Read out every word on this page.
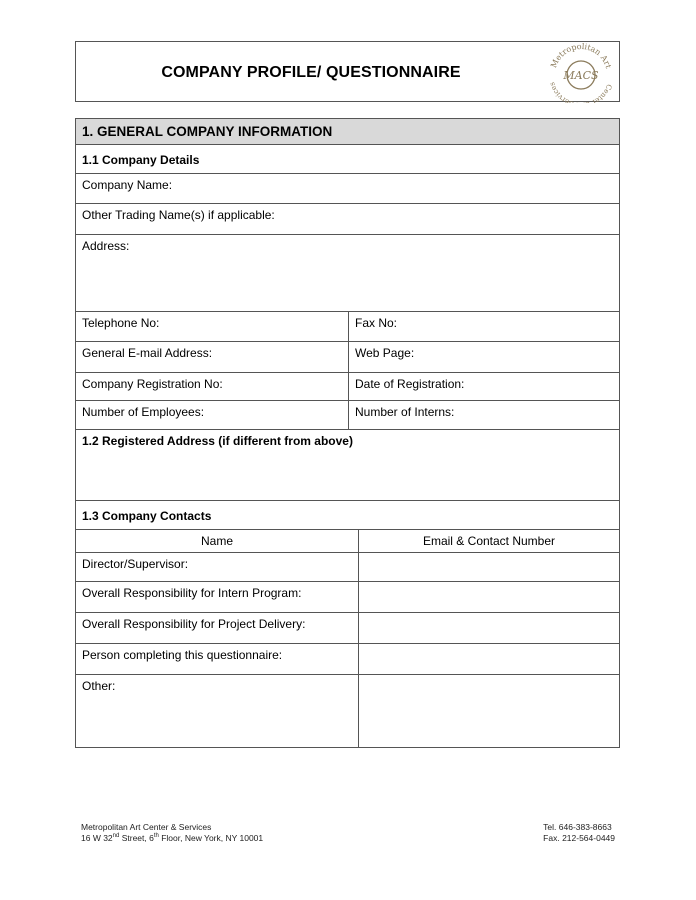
COMPANY PROFILE/ QUESTIONNAIRE
Metropolitan Art
Center ervices
MACS
1. GENERAL COMPANY INFORMATION
1.1 Company Details
Company Name:
Other Trading Name(s) if applicable:
Address:
Telephone No:	Fax No:
General E-mail Address:	Web Page:
Company Registration No:	Date of Registration:
Number of Employees:	Number of Interns:
1.2 Registered Address (if different from above)
1.3 Company Contacts
Name	Email & Contact Number
Director/Supervisor:
Overall Responsibility for Intern Program:
Overall Responsibility for Project Delivery:
Person completing this questionnaire:
Other:
Metropolitan Art Center & Services
16 W 32nd Street, 6th Floor, New York, NY 10001
Tel. 646-383-8663
Fax. 212-564-0449
